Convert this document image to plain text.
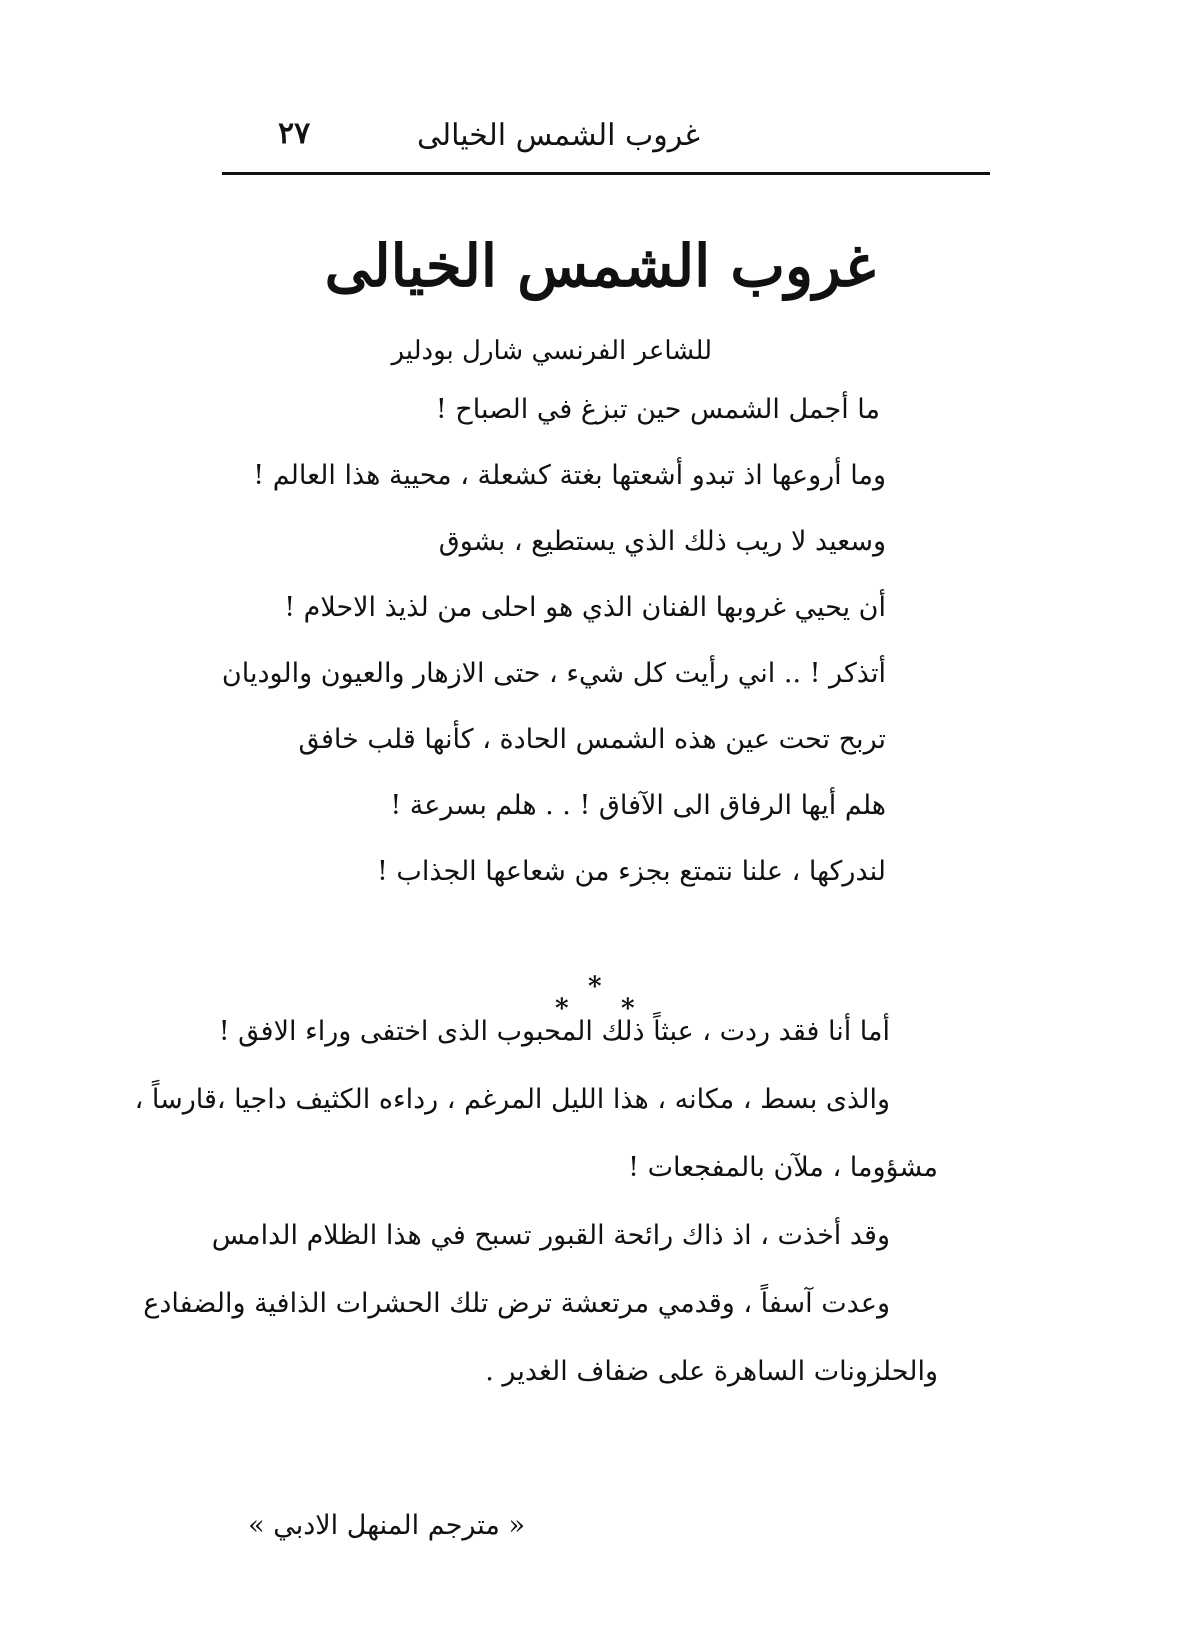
غروب الشمس الخيالى
٢٧
غروب الشمس الخيالى
للشاعر الفرنسي شارل بودلير
ما أجمل الشمس حين تبزغ في الصباح !
وما أروعها اذ تبدو أشعتها بغتة كشعلة ، محيية هذا العالم !
وسعيد لا ريب ذلك الذي يستطيع ، بشوق
أن يحيي غروبها الفنان الذي هو احلى من لذيذ الاحلام !
أتذكر ! .. اني رأيت كل شيء ، حتى الازهار والعيون والوديان
تربح تحت عين هذه الشمس الحادة ، كأنها قلب خافق
هلم أيها الرفاق الى الآفاق ! . . هلم بسرعة !
لندركها ، علنا نتمتع بجزء من شعاعها الجذاب !
*
*
*
أما أنا فقد ردت ، عبثاً ذلك المحبوب الذى اختفى وراء الافق !
والذى بسط ، مكانه ، هذا الليل المرغم ، رداءه الكثيف داجيا ،قارساً ،
مشؤوما ، ملآن بالمفجعات !
وقد أخذت ، اذ ذاك رائحة القبور تسبح في هذا الظلام الدامس
وعدت آسفاً ، وقدمي مرتعشة ترض تلك الحشرات الذافية والضفادع
والحلزونات الساهرة على ضفاف الغدير .
« مترجم المنهل الادبي »
